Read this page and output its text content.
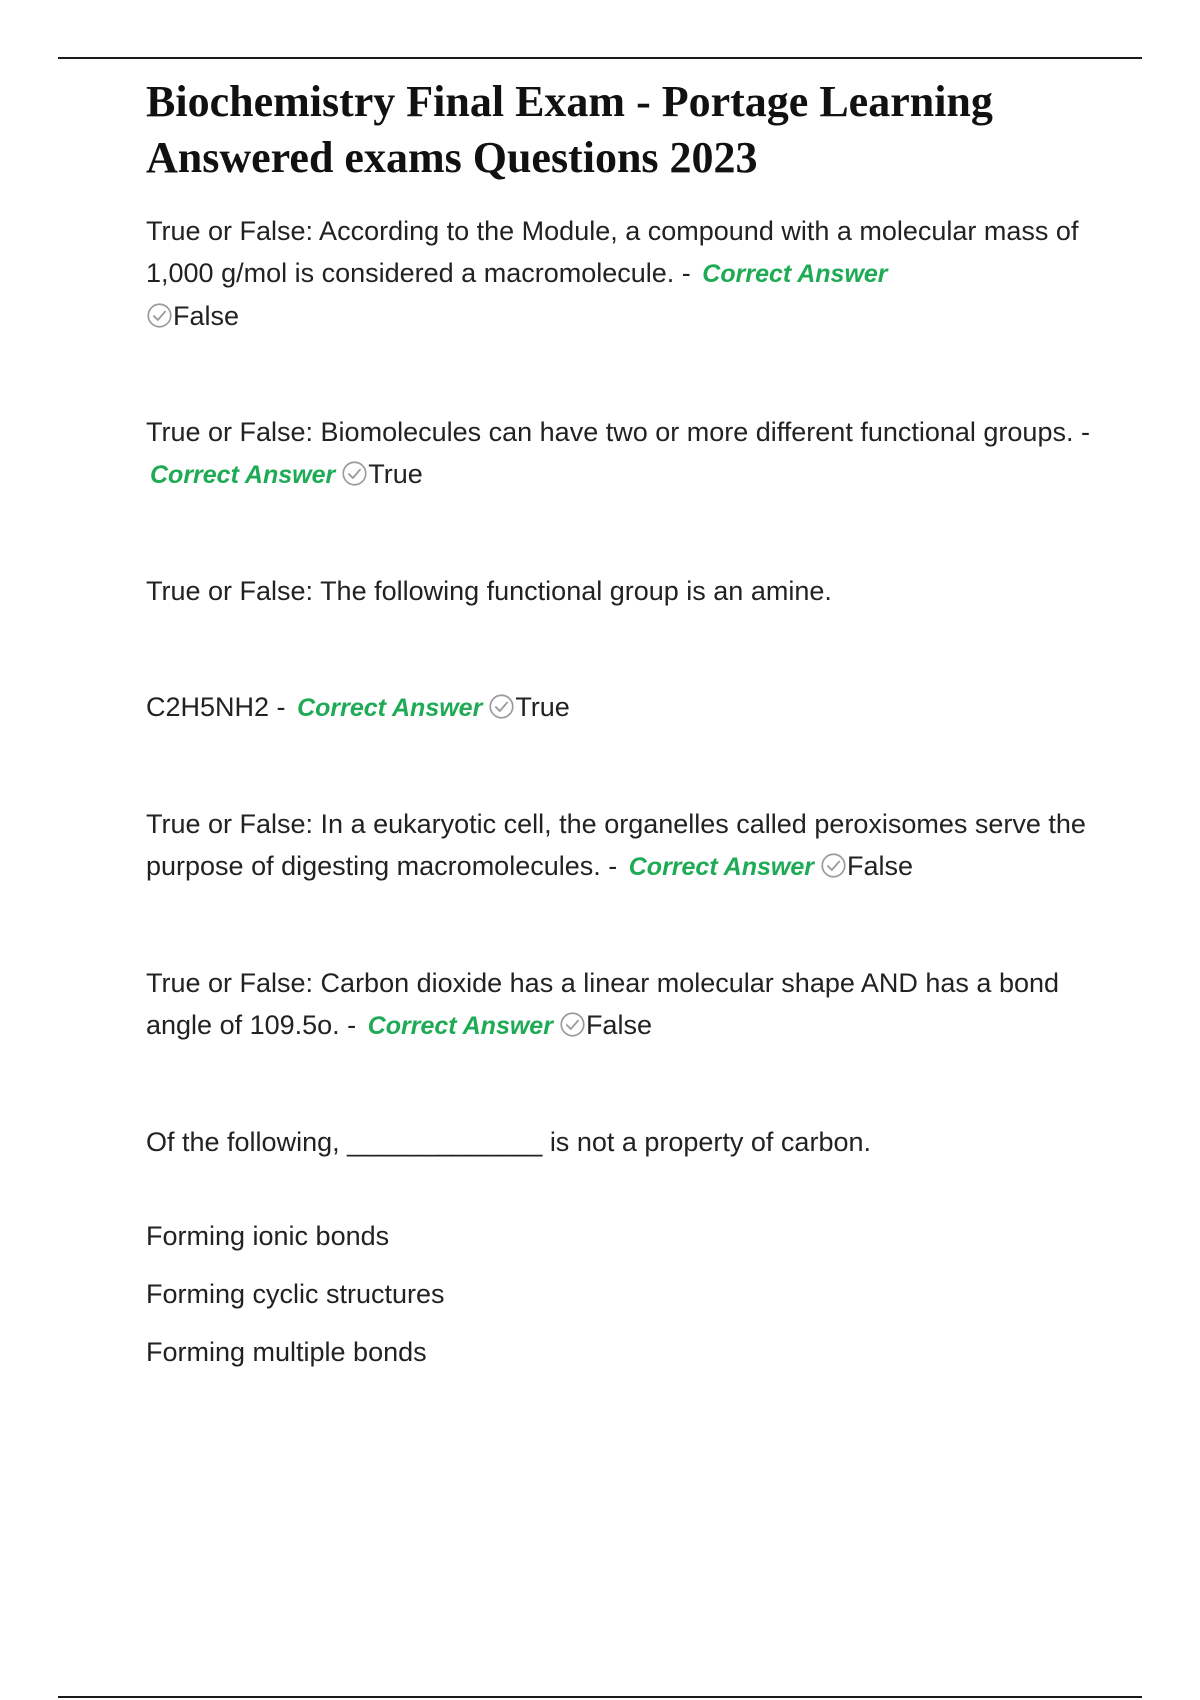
Biochemistry Final Exam - Portage Learning
Answered exams Questions 2023

True or False: According to the Module, a compound with a molecular mass of 1,000 g/mol is considered a macromolecule. - Correct Answer
False

True or False: Biomolecules can have two or more different functional groups. - Correct Answer True

True or False: The following functional group is an amine.

C2H5NH2 - Correct Answer True

True or False: In a eukaryotic cell, the organelles called peroxisomes serve the purpose of digesting macromolecules. - Correct Answer False

True or False: Carbon dioxide has a linear molecular shape AND has a bond angle of 109.5o. - Correct Answer False

Of the following, _____________ is not a property of carbon.

Forming ionic bonds

Forming cyclic structures

Forming multiple bonds
